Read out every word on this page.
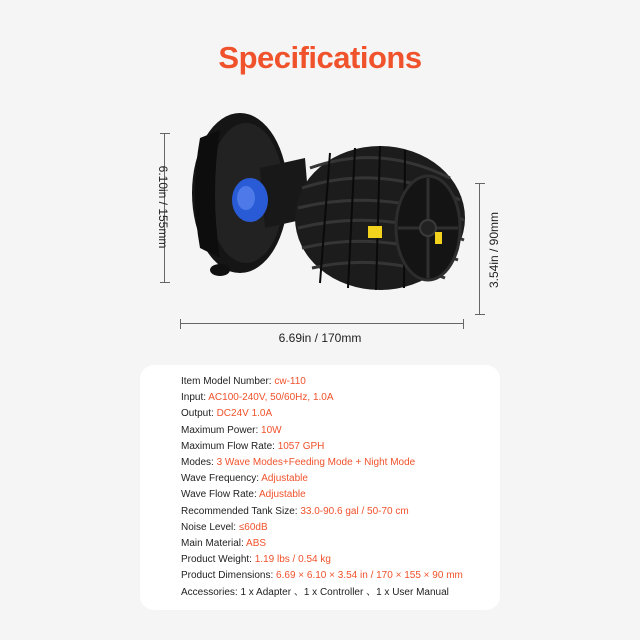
Specifications
6.10in / 155mm
3.54in / 90mm
6.69in / 170mm
Item Model Number: cw-110
Input: AC100-240V, 50/60Hz, 1.0A
Output: DC24V 1.0A
Maximum Power: 10W
Maximum Flow Rate: 1057 GPH
Modes: 3 Wave Modes+Feeding Mode + Night Mode
Wave Frequency: Adjustable
Wave Flow Rate: Adjustable
Recommended Tank Size: 33.0-90.6 gal / 50-70 cm
Noise Level: ≤60dB
Main Material: ABS
Product Weight: 1.19 lbs / 0.54 kg
Product Dimensions: 6.69 × 6.10 × 3.54 in / 170 × 155 × 90 mm
Accessories: 1 x Adapter 、1 x Controller 、1 x User Manual
